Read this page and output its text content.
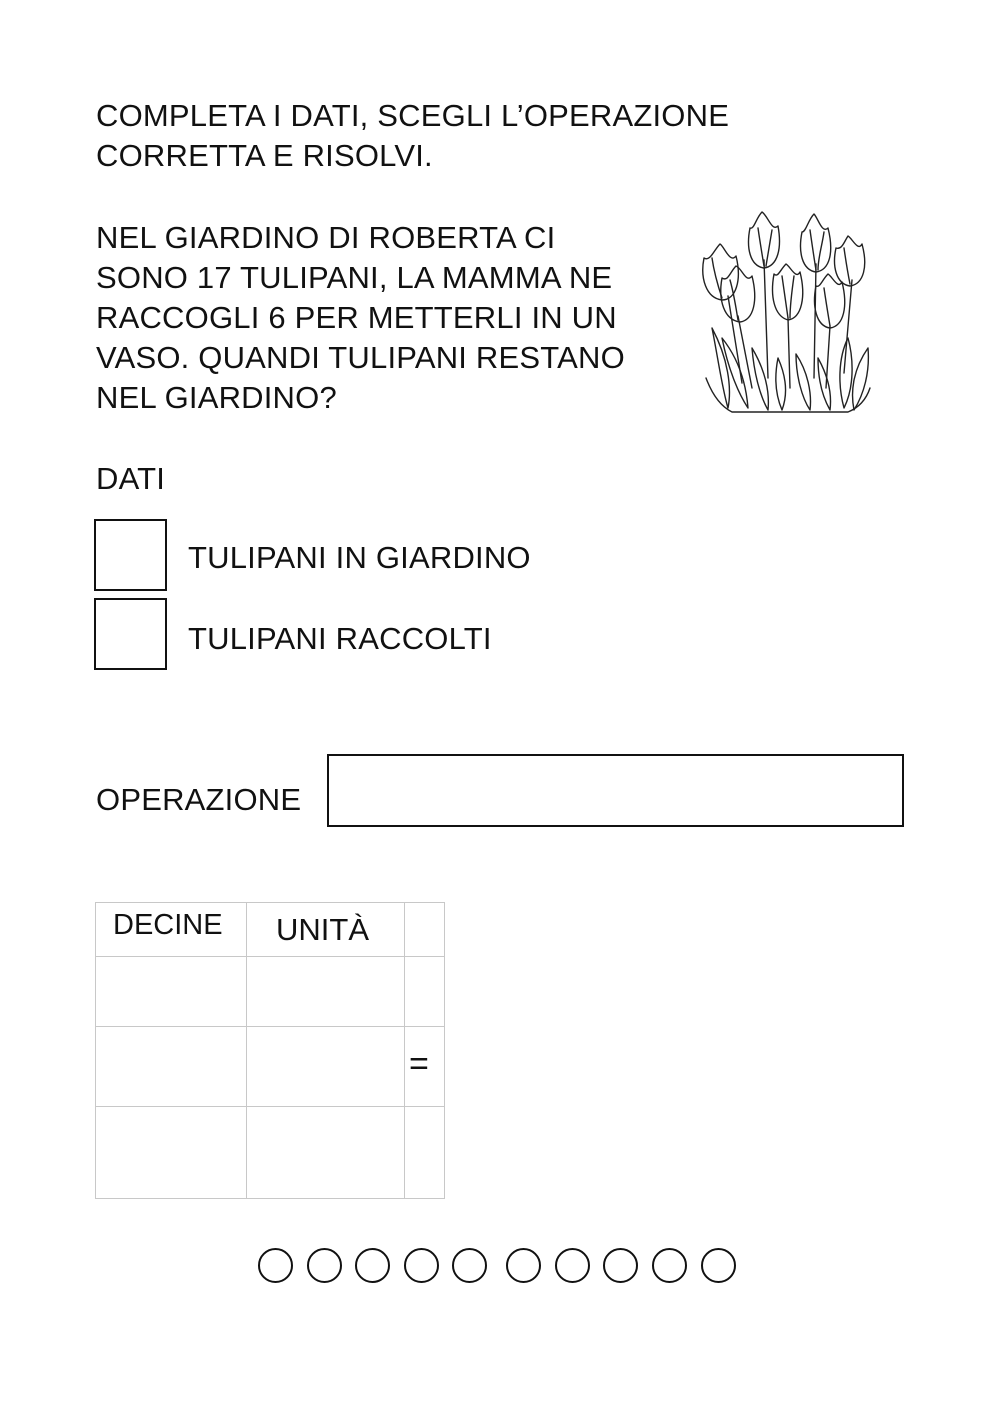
COMPLETA I DATI, SCEGLI L’OPERAZIONE
CORRETTA E RISOLVI.
NEL GIARDINO DI ROBERTA CI
SONO 17 TULIPANI, LA MAMMA NE
RACCOGLI 6 PER METTERLI IN UN
VASO. QUANDI TULIPANI RESTANO
NEL GIARDINO?
DATI
TULIPANI IN GIARDINO
TULIPANI RACCOLTI
OPERAZIONE
DECINE UNITÀ
=
